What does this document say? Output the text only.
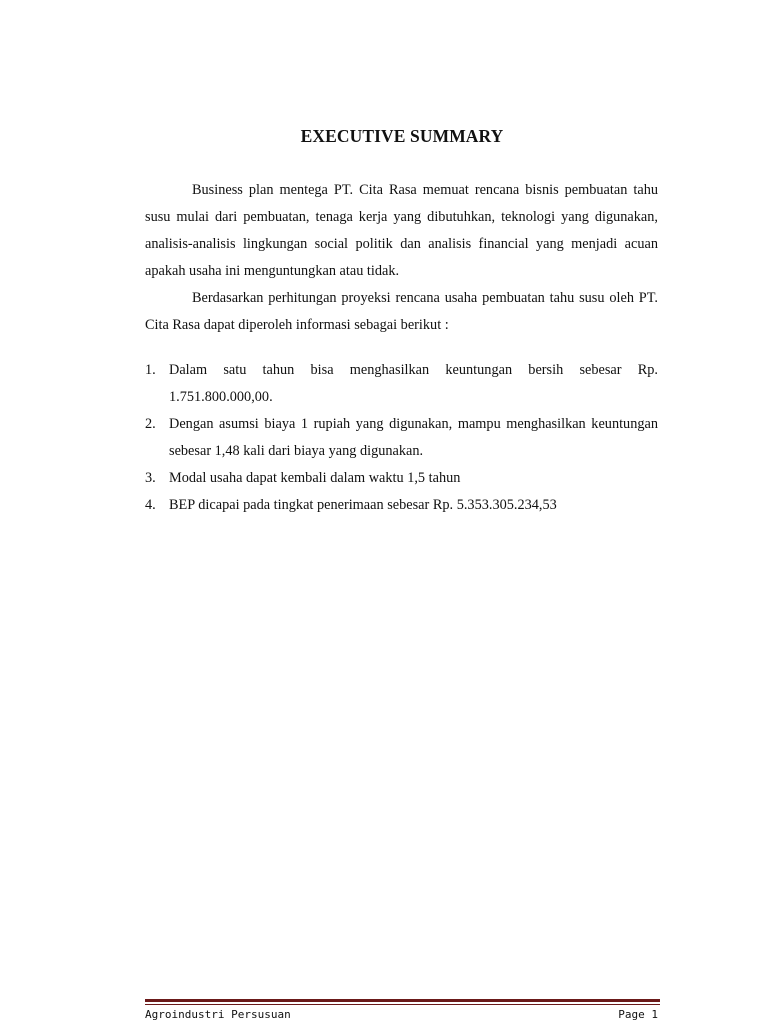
EXECUTIVE SUMMARY

Business plan mentega PT. Cita Rasa memuat rencana bisnis pembuatan tahu susu mulai dari pembuatan, tenaga kerja yang dibutuhkan, teknologi yang digunakan, analisis-analisis lingkungan social politik dan analisis financial yang menjadi acuan apakah usaha ini menguntungkan atau tidak.

Berdasarkan perhitungan proyeksi rencana usaha pembuatan tahu susu oleh PT. Cita Rasa dapat diperoleh informasi sebagai berikut :

1. Dalam satu tahun bisa menghasilkan keuntungan bersih sebesar Rp. 1.751.800.000,00.
2. Dengan asumsi biaya 1 rupiah yang digunakan, mampu menghasilkan keuntungan sebesar 1,48 kali dari biaya yang digunakan.
3. Modal usaha dapat kembali dalam waktu 1,5 tahun
4. BEP dicapai pada tingkat penerimaan sebesar Rp. 5.353.305.234,53
Agroindustri Persusuan	Page 1
